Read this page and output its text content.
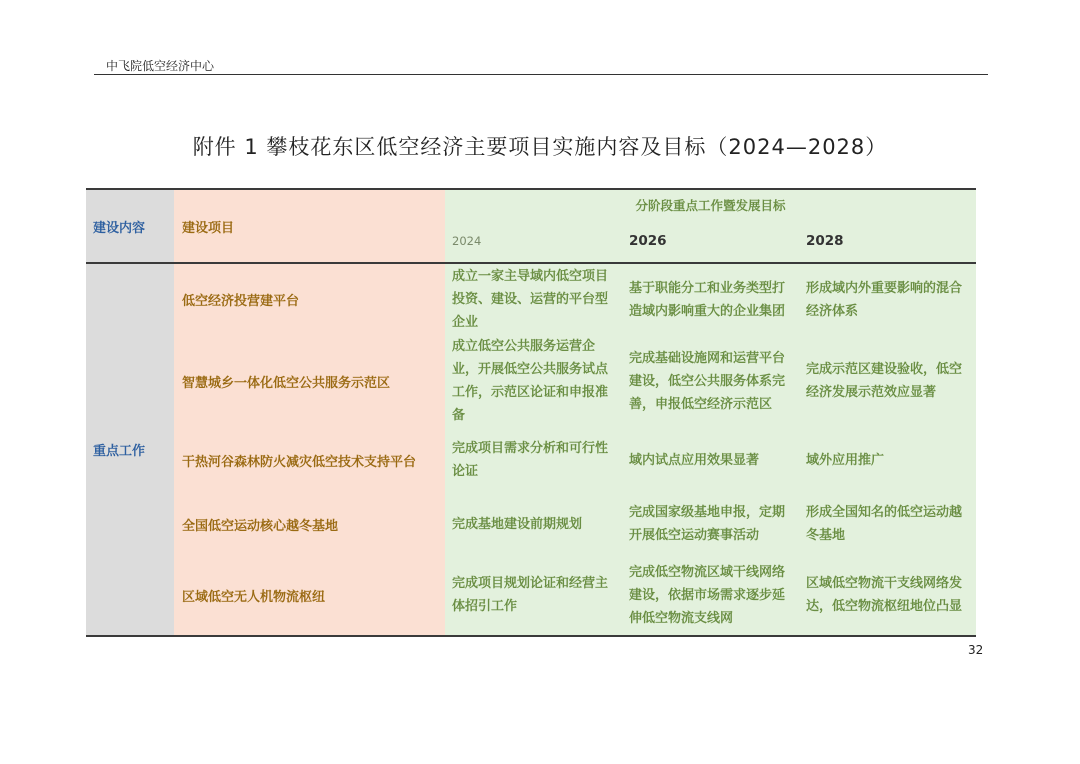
中飞院低空经济中心
附件 1 攀枝花东区低空经济主要项目实施内容及目标（2024—2028）
建设内容	建设项目	分阶段重点工作暨发展目标		
		2024	2026	2028
重点工作	低空经济投营建平台	成立一家主导域内低空项目投资、建设、运营的平台型企业	基于职能分工和业务类型打造域内影响重大的企业集团	形成域内外重要影响的混合经济体系
	智慧城乡一体化低空公共服务示范区	成立低空公共服务运营企业，开展低空公共服务试点工作，示范区论证和申报准备	完成基础设施网和运营平台建设，低空公共服务体系完善，申报低空经济示范区	完成示范区建设验收，低空经济发展示范效应显著
	干热河谷森林防火减灾低空技术支持平台	完成项目需求分析和可行性论证	域内试点应用效果显著	域外应用推广
	全国低空运动核心越冬基地	完成基地建设前期规划	完成国家级基地申报，定期开展低空运动赛事活动	形成全国知名的低空运动越冬基地
	区域低空无人机物流枢纽	完成项目规划论证和经营主体招引工作	完成低空物流区域干线网络建设，依据市场需求逐步延伸低空物流支线网	区域低空物流干支线网络发达，低空物流枢纽地位凸显
32
